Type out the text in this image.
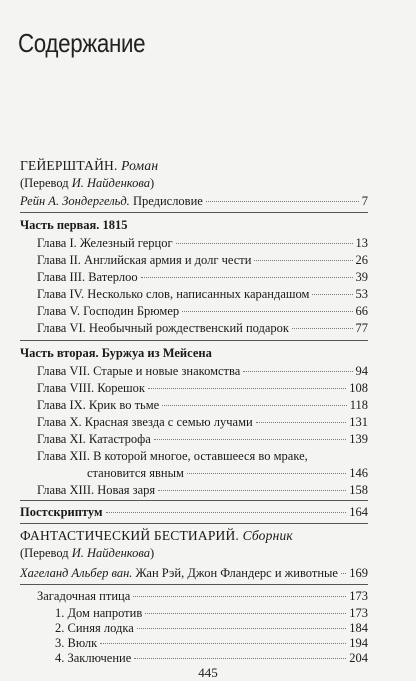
Содержание
ГЕЙЕРШТАЙН. Роман
(Перевод И. Найденкова)
Рейн А. Зондергельд. Предисловие	7
Часть первая. 1815
Глава I. Железный герцог	13
Глава II. Английская армия и долг чести	26
Глава III. Ватерлоо	39
Глава IV. Несколько слов, написанных карандашом	53
Глава V. Господин Брюмер	66
Глава VI. Необычный рождественский подарок	77
Часть вторая. Буржуа из Мейсена
Глава VII. Старые и новые знакомства	94
Глава VIII. Корешок	108
Глава IX. Крик во тьме	118
Глава X. Красная звезда с семью лучами	131
Глава XI. Катастрофа	139
Глава XII. В которой многое, оставшееся во мраке,
становится явным	146
Глава XIII. Новая заря	158
Постскриптум	164
ФАНТАСТИЧЕСКИЙ БЕСТИАРИЙ. Сборник
(Перевод И. Найденкова)
Хагеланд Альбер ван. Жан Рэй, Джон Фландерс и животные 169
Загадочная птица	173
1. Дом напротив	173
2. Синяя лодка	184
3. Вюлк	194
4. Заключение	204
445
